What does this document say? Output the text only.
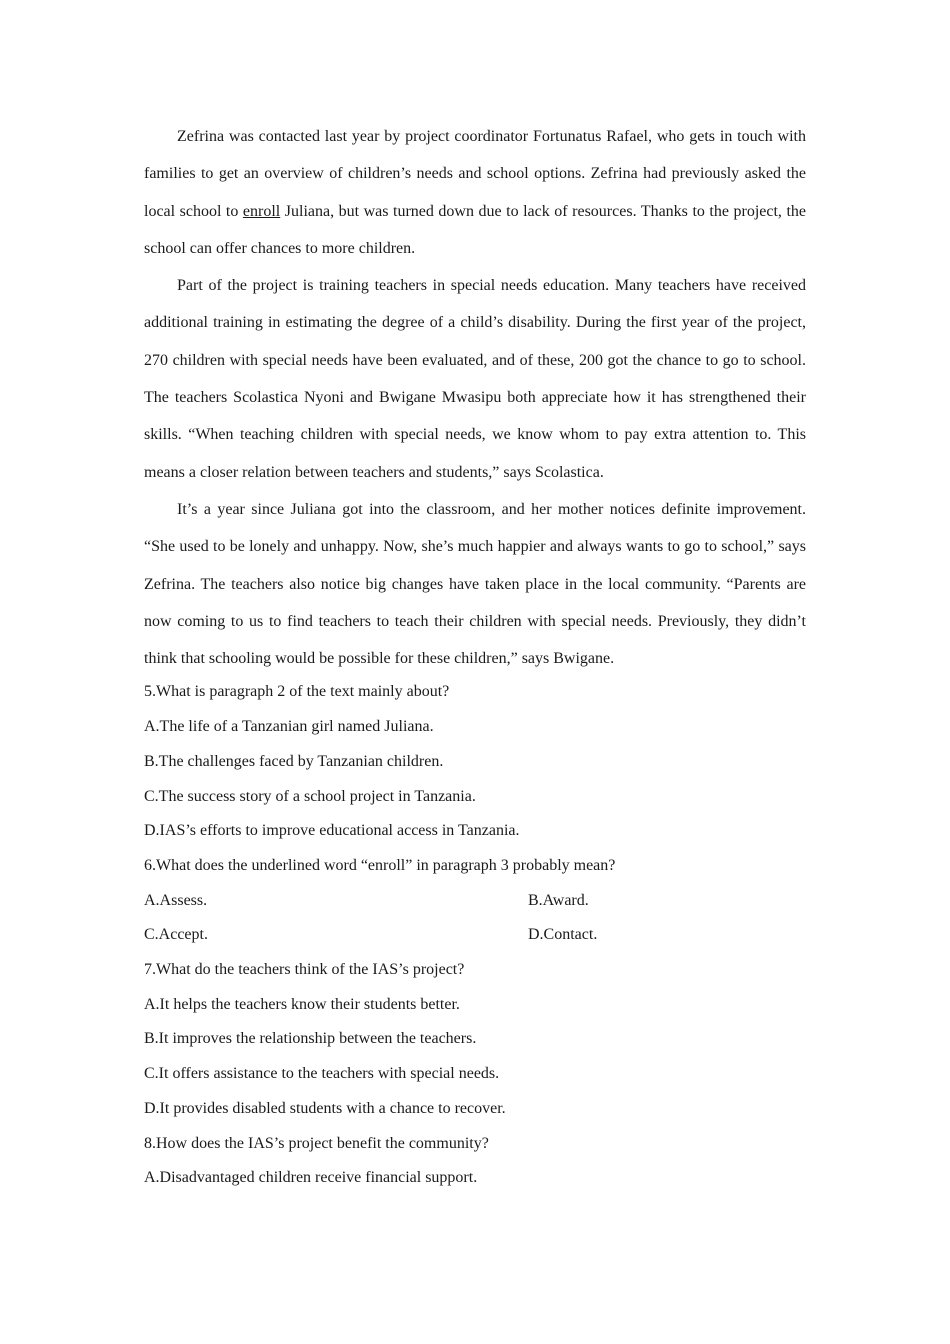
Zefrina was contacted last year by project coordinator Fortunatus Rafael, who gets in touch with families to get an overview of children’s needs and school options. Zefrina had previously asked the local school to enroll Juliana, but was turned down due to lack of resources. Thanks to the project, the school can offer chances to more children.

Part of the project is training teachers in special needs education. Many teachers have received additional training in estimating the degree of a child’s disability. During the first year of the project, 270 children with special needs have been evaluated, and of these, 200 got the chance to go to school. The teachers Scolastica Nyoni and Bwigane Mwasipu both appreciate how it has strengthened their skills. “When teaching children with special needs, we know whom to pay extra attention to. This means a closer relation between teachers and students,” says Scolastica.

It’s a year since Juliana got into the classroom, and her mother notices definite improvement. “She used to be lonely and unhappy. Now, she’s much happier and always wants to go to school,” says Zefrina. The teachers also notice big changes have taken place in the local community. “Parents are now coming to us to find teachers to teach their children with special needs. Previously, they didn’t think that schooling would be possible for these children,” says Bwigane.

5.What is paragraph 2 of the text mainly about?

A.The life of a Tanzanian girl named Juliana.

B.The challenges faced by Tanzanian children.

C.The success story of a school project in Tanzania.

D.IAS’s efforts to improve educational access in Tanzania.

6.What does the underlined word “enroll” in paragraph 3 probably mean?

A.Assess.	B.Award.
C.Accept.	D.Contact.

7.What do the teachers think of the IAS’s project?

A.It helps the teachers know their students better.

B.It improves the relationship between the teachers.

C.It offers assistance to the teachers with special needs.

D.It provides disabled students with a chance to recover.

8.How does the IAS’s project benefit the community?

A.Disadvantaged children receive financial support.
